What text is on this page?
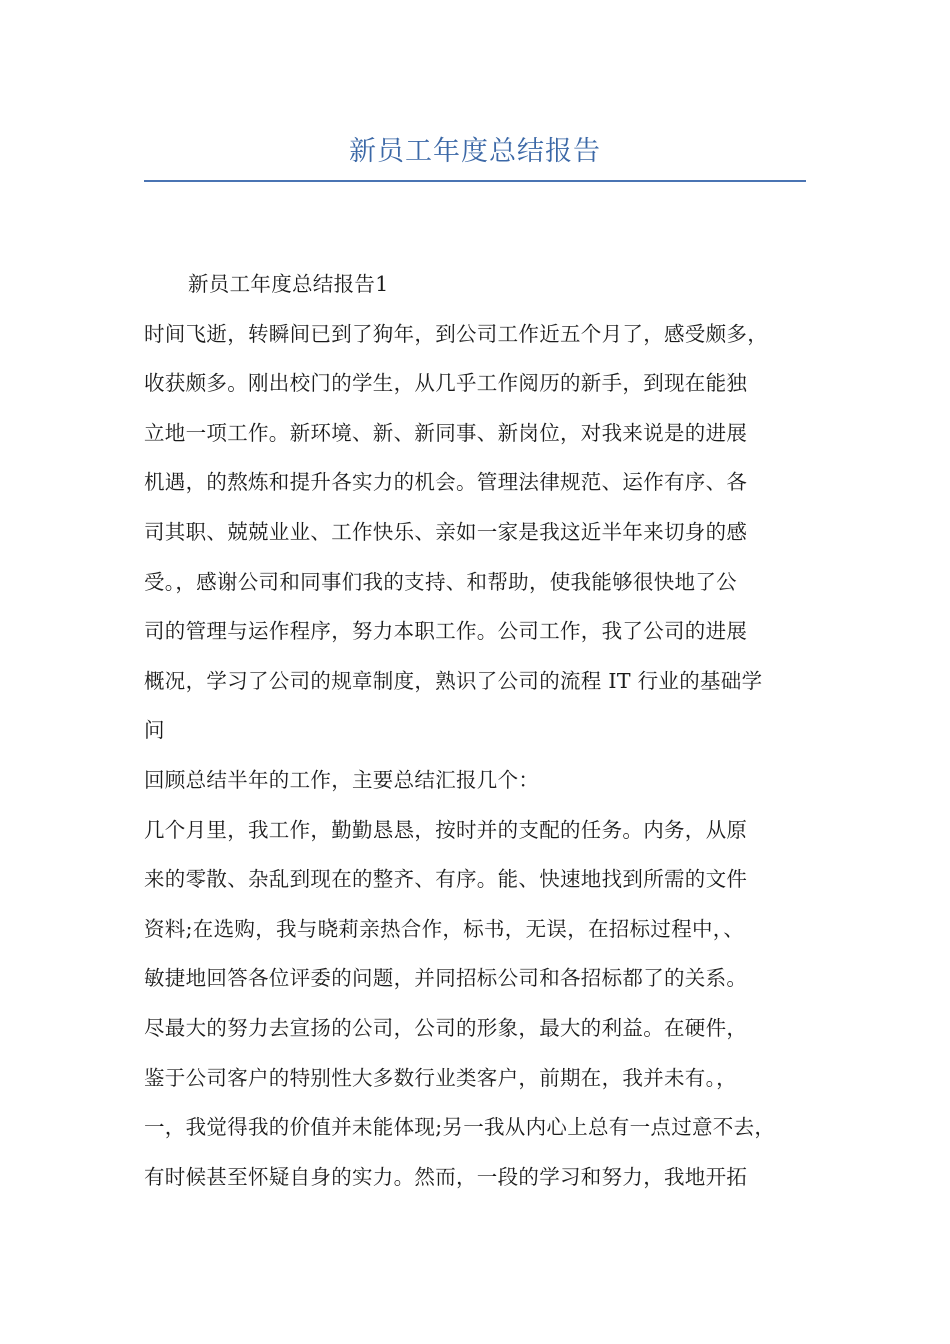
新员工年度总结报告
新员工年度总结报告1
时间飞逝，转瞬间已到了狗年，到公司工作近五个月了，感受颇多，
收获颇多。刚出校门的学生，从几乎工作阅历的新手，到现在能独
立地一项工作。新环境、新、新同事、新岗位，对我来说是的进展
机遇，的熬炼和提升各实力的机会。管理法律规范、运作有序、各
司其职、兢兢业业、工作快乐、亲如一家是我这近半年来切身的感
受。，感谢公司和同事们我的支持、和帮助，使我能够很快地了公
司的管理与运作程序，努力本职工作。公司工作，我了公司的进展
概况，学习了公司的规章制度，熟识了公司的流程 IT 行业的基础学
问
回顾总结半年的工作，主要总结汇报几个：
几个月里，我工作，勤勤恳恳，按时并的支配的任务。内务，从原
来的零散、杂乱到现在的整齐、有序。能、快速地找到所需的文件
资料;在选购，我与晓莉亲热合作，标书，无误，在招标过程中，、
敏捷地回答各位评委的问题，并同招标公司和各招标都了的关系。
尽最大的努力去宣扬的公司，公司的形象，最大的利益。在硬件，
鉴于公司客户的特别性大多数行业类客户，前期在，我并未有。，
一，我觉得我的价值并未能体现;另一我从内心上总有一点过意不去，
有时候甚至怀疑自身的实力。然而，一段的学习和努力，我地开拓
